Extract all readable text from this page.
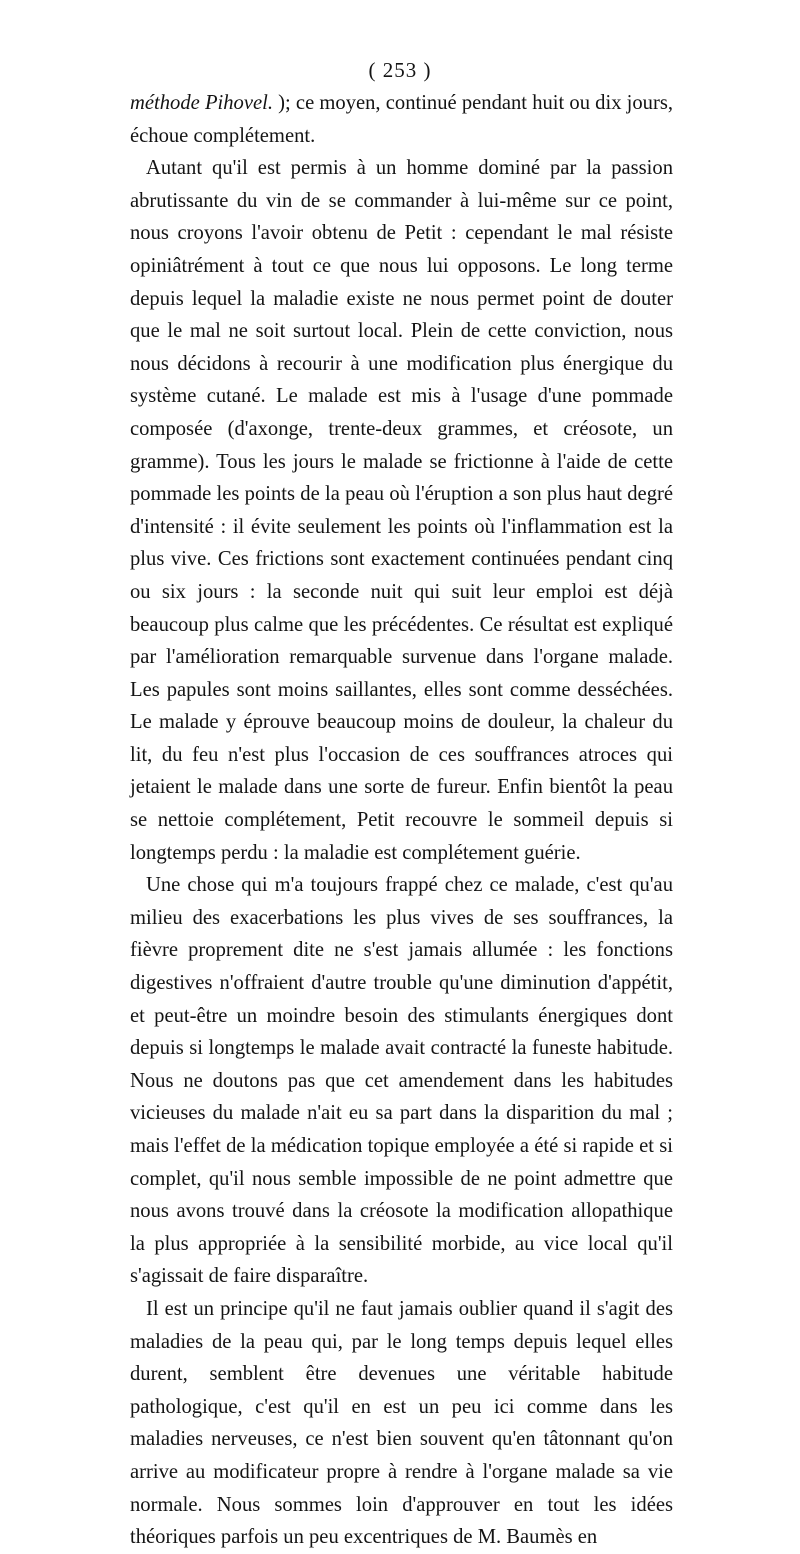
( 253 )

méthode Pihovel. ); ce moyen, continué pendant huit ou dix jours, échoue complétement.

Autant qu'il est permis à un homme dominé par la passion abrutissante du vin de se commander à lui-même sur ce point, nous croyons l'avoir obtenu de Petit : cependant le mal résiste opiniâtrément à tout ce que nous lui opposons. Le long terme depuis lequel la maladie existe ne nous permet point de douter que le mal ne soit surtout local. Plein de cette conviction, nous nous décidons à recourir à une modification plus énergique du système cutané. Le malade est mis à l'usage d'une pommade composée (d'axonge, trente-deux grammes, et créosote, un gramme). Tous les jours le malade se frictionne à l'aide de cette pommade les points de la peau où l'éruption a son plus haut degré d'intensité : il évite seulement les points où l'inflammation est la plus vive. Ces frictions sont exactement continuées pendant cinq ou six jours : la seconde nuit qui suit leur emploi est déjà beaucoup plus calme que les précédentes. Ce résultat est expliqué par l'amélioration remarquable survenue dans l'organe malade. Les papules sont moins saillantes, elles sont comme desséchées. Le malade y éprouve beaucoup moins de douleur, la chaleur du lit, du feu n'est plus l'occasion de ces souffrances atroces qui jetaient le malade dans une sorte de fureur. Enfin bientôt la peau se nettoie complétement, Petit recouvre le sommeil depuis si longtemps perdu : la maladie est complétement guérie.

Une chose qui m'a toujours frappé chez ce malade, c'est qu'au milieu des exacerbations les plus vives de ses souffrances, la fièvre proprement dite ne s'est jamais allumée : les fonctions digestives n'offraient d'autre trouble qu'une diminution d'appétit, et peut-être un moindre besoin des stimulants énergiques dont depuis si longtemps le malade avait contracté la funeste habitude. Nous ne doutons pas que cet amendement dans les habitudes vicieuses du malade n'ait eu sa part dans la disparition du mal ; mais l'effet de la médication topique employée a été si rapide et si complet, qu'il nous semble impossible de ne point admettre que nous avons trouvé dans la créosote la modification allopathique la plus appropriée à la sensibilité morbide, au vice local qu'il s'agissait de faire disparaître.

Il est un principe qu'il ne faut jamais oublier quand il s'agit des maladies de la peau qui, par le long temps depuis lequel elles durent, semblent être devenues une véritable habitude pathologique, c'est qu'il en est un peu ici comme dans les maladies nerveuses, ce n'est bien souvent qu'en tâtonnant qu'on arrive au modificateur propre à rendre à l'organe malade sa vie normale. Nous sommes loin d'approuver en tout les idées théoriques parfois un peu excentriques de M. Baumès en
